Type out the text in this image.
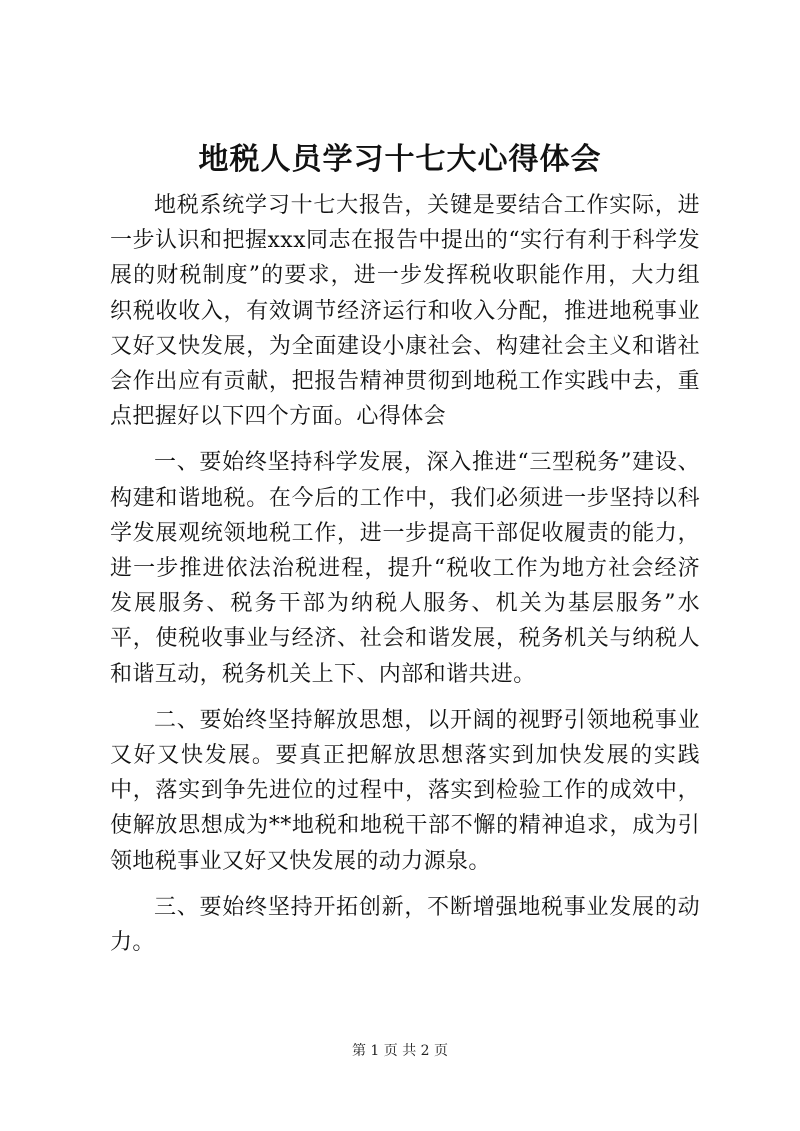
地税人员学习十七大心得体会

地税系统学习十七大报告，关键是要结合工作实际，进一步认识和把握xxx同志在报告中提出的“实行有利于科学发展的财税制度”的要求，进一步发挥税收职能作用，大力组织税收收入，有效调节经济运行和收入分配，推进地税事业又好又快发展，为全面建设小康社会、构建社会主义和谐社会作出应有贡献，把报告精神贯彻到地税工作实践中去，重点把握好以下四个方面。心得体会

一、要始终坚持科学发展，深入推进“三型税务”建设、构建和谐地税。在今后的工作中，我们必须进一步坚持以科学发展观统领地税工作，进一步提高干部促收履责的能力，进一步推进依法治税进程，提升“税收工作为地方社会经济发展服务、税务干部为纳税人服务、机关为基层服务”水平，使税收事业与经济、社会和谐发展，税务机关与纳税人和谐互动，税务机关上下、内部和谐共进。

二、要始终坚持解放思想，以开阔的视野引领地税事业又好又快发展。要真正把解放思想落实到加快发展的实践中，落实到争先进位的过程中，落实到检验工作的成效中，使解放思想成为**地税和地税干部不懈的精神追求，成为引领地税事业又好又快发展的动力源泉。

三、要始终坚持开拓创新，不断增强地税事业发展的动力。

第 1 页 共 2 页
